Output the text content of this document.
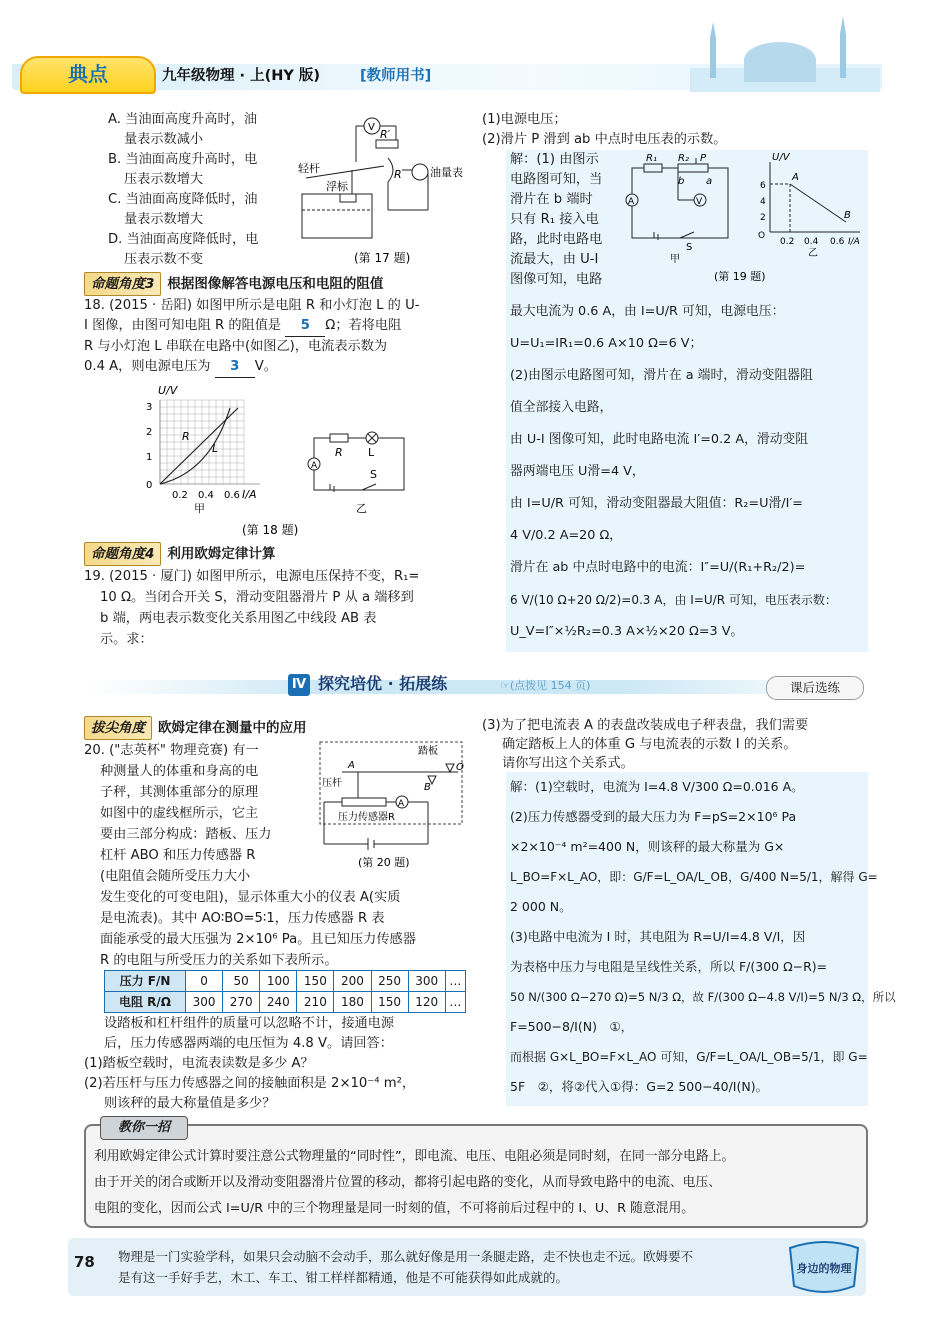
典点	九年级物理 · 上(HY 版)	[教师用书]
A. 当油面高度升高时，油
量表示数减小
B. 当油面高度升高时，电
压表示数增大
C. 当油面高度降低时，油
量表示数增大
D. 当油面高度降低时，电
压表示数不变
V
R′
轻杆
浮标
R	油量表
(第 17 题)
命题角度3 根据图像解答电源电压和电阻的阻值
18. (2015 · 岳阳) 如图甲所示是电阻 R 和小灯泡 L 的 U-
I 图像，由图可知电阻 R 的阻值是 5 Ω；若将电阻
R 与小灯泡 L 串联在电路中(如图乙)，电流表示数为
0.4 A，则电源电压为 3 V。
U/V
I/A
3
2
1
0
0.2 0.4 0.6
R
L
甲
A
R L
S
乙
(第 18 题)
命题角度4 利用欧姆定律计算
19. (2015 · 厦门) 如图甲所示，电源电压保持不变，R₁=
10 Ω。当闭合开关 S，滑动变阻器滑片 P 从 a 端移到
b 端，两电表示数变化关系用图乙中线段 AB 表
示。求：
(1)电源电压；
(2)滑片 P 滑到 ab 中点时电压表的示数。
解：(1) 由图示
电路图可知，当
滑片在 b 端时
只有 R₁ 接入电
路，此时电路电
流最大，由 U-I
图像可知，电路
R₁ R₂ P
b a
V
A
S
甲
U/V
6
4
2
O
0.2 0.4 0.6 I/A
A
B
乙
(第 19 题)
最大电流为 0.6 A，由 I=U/R 可知，电源电压：
U=U₁=IR₁=0.6 A×10 Ω=6 V；
(2)由图示电路图可知，滑片在 a 端时，滑动变阻器阻
值全部接入电路，
由 U-I 图像可知，此时电路电流 I′=0.2 A，滑动变阻
器两端电压 U滑=4 V，
由 I=U/R 可知，滑动变阻器最大阻值：R₂=U滑/I′=
4 V/0.2 A=20 Ω，
滑片在 ab 中点时电路中的电流：I″=U/(R₁+R₂/2)=
6 V/(10 Ω+20 Ω/2)=0.3 A，由 I=U/R 可知，电压表示数：
U_V=I″×½R₂=0.3 A×½×20 Ω=3 V。
Ⅳ 探究培优 · 拓展练	☞(点拨见 154 页)	课后选练
拔尖角度 欧姆定律在测量中的应用
20. ("志英杯" 物理竞赛) 有一
种测量人的体重和身高的电
子秤，其测体重部分的原理
如图中的虚线框所示，它主
要由三部分构成：踏板、压力
杠杆 ABO 和压力传感器 R
(电阻值会随所受压力大小
发生变化的可变电阻)，显示体重大小的仪表 A(实质
是电流表)。其中 AO∶BO=5∶1，压力传感器 R 表
面能承受的最大压强为 2×10⁶ Pa。且已知压力传感器
R 的电阻与所受压力的关系如下表所示。
踏板
压杆
A	O
B
压力传感器R
A
(第 20 题)
压力 F/N	0	50	100	150	200	250	300	…
电阻 R/Ω	300	270	240	210	180	150	120	…
设踏板和杠杆组件的质量可以忽略不计，接通电源
后，压力传感器两端的电压恒为 4.8 V。请回答：
(1)踏板空载时，电流表读数是多少 A？
(2)若压杆与压力传感器之间的接触面积是 2×10⁻⁴ m²，
则该秤的最大称量值是多少？
(3)为了把电流表 A 的表盘改装成电子秤表盘，我们需要
确定踏板上人的体重 G 与电流表的示数 I 的关系。
请你写出这个关系式。
解：(1)空载时，电流为 I=4.8 V/300 Ω=0.016 A。
(2)压力传感器受到的最大压力为 F=pS=2×10⁶ Pa
×2×10⁻⁴ m²=400 N，则该秤的最大称量为 G×
L_BO=F×L_AO，即：G/F=L_OA/L_OB，G/400 N=5/1，解得 G=
2 000 N。
(3)电路中电流为 I 时，其电阻为 R=U/I=4.8 V/I，因
为表格中压力与电阻是呈线性关系，所以 F/(300 Ω−R)=
50 N/(300 Ω−270 Ω)=5 N/3 Ω，故 F/(300 Ω−4.8 V/I)=5 N/3 Ω，所以
F=500−8/I(N)　①，
而根据 G×L_BO=F×L_AO 可知，G/F=L_OA/L_OB=5/1，即 G=
5F　②，将②代入①得：G=2 500−40/I(N)。
利用欧姆定律公式计算时要注意公式物理量的“同时性”，即电流、电压、电阻必须是同时刻，在同一部分电路上。
由于开关的闭合或断开以及滑动变阻器滑片位置的移动，都将引起电路的变化，从而导致电路中的电流、电压、
电阻的变化，因而公式 I=U/R 中的三个物理量是同一时刻的值，不可将前后过程中的 I、U、R 随意混用。
教你一招
78 物理是一门实验学科，如果只会动脑不会动手，那么就好像是用一条腿走路，走不快也走不远。欧姆要不
是有这一手好手艺，木工、车工、钳工样样都精通，他是不可能获得如此成就的。
身边的物理
